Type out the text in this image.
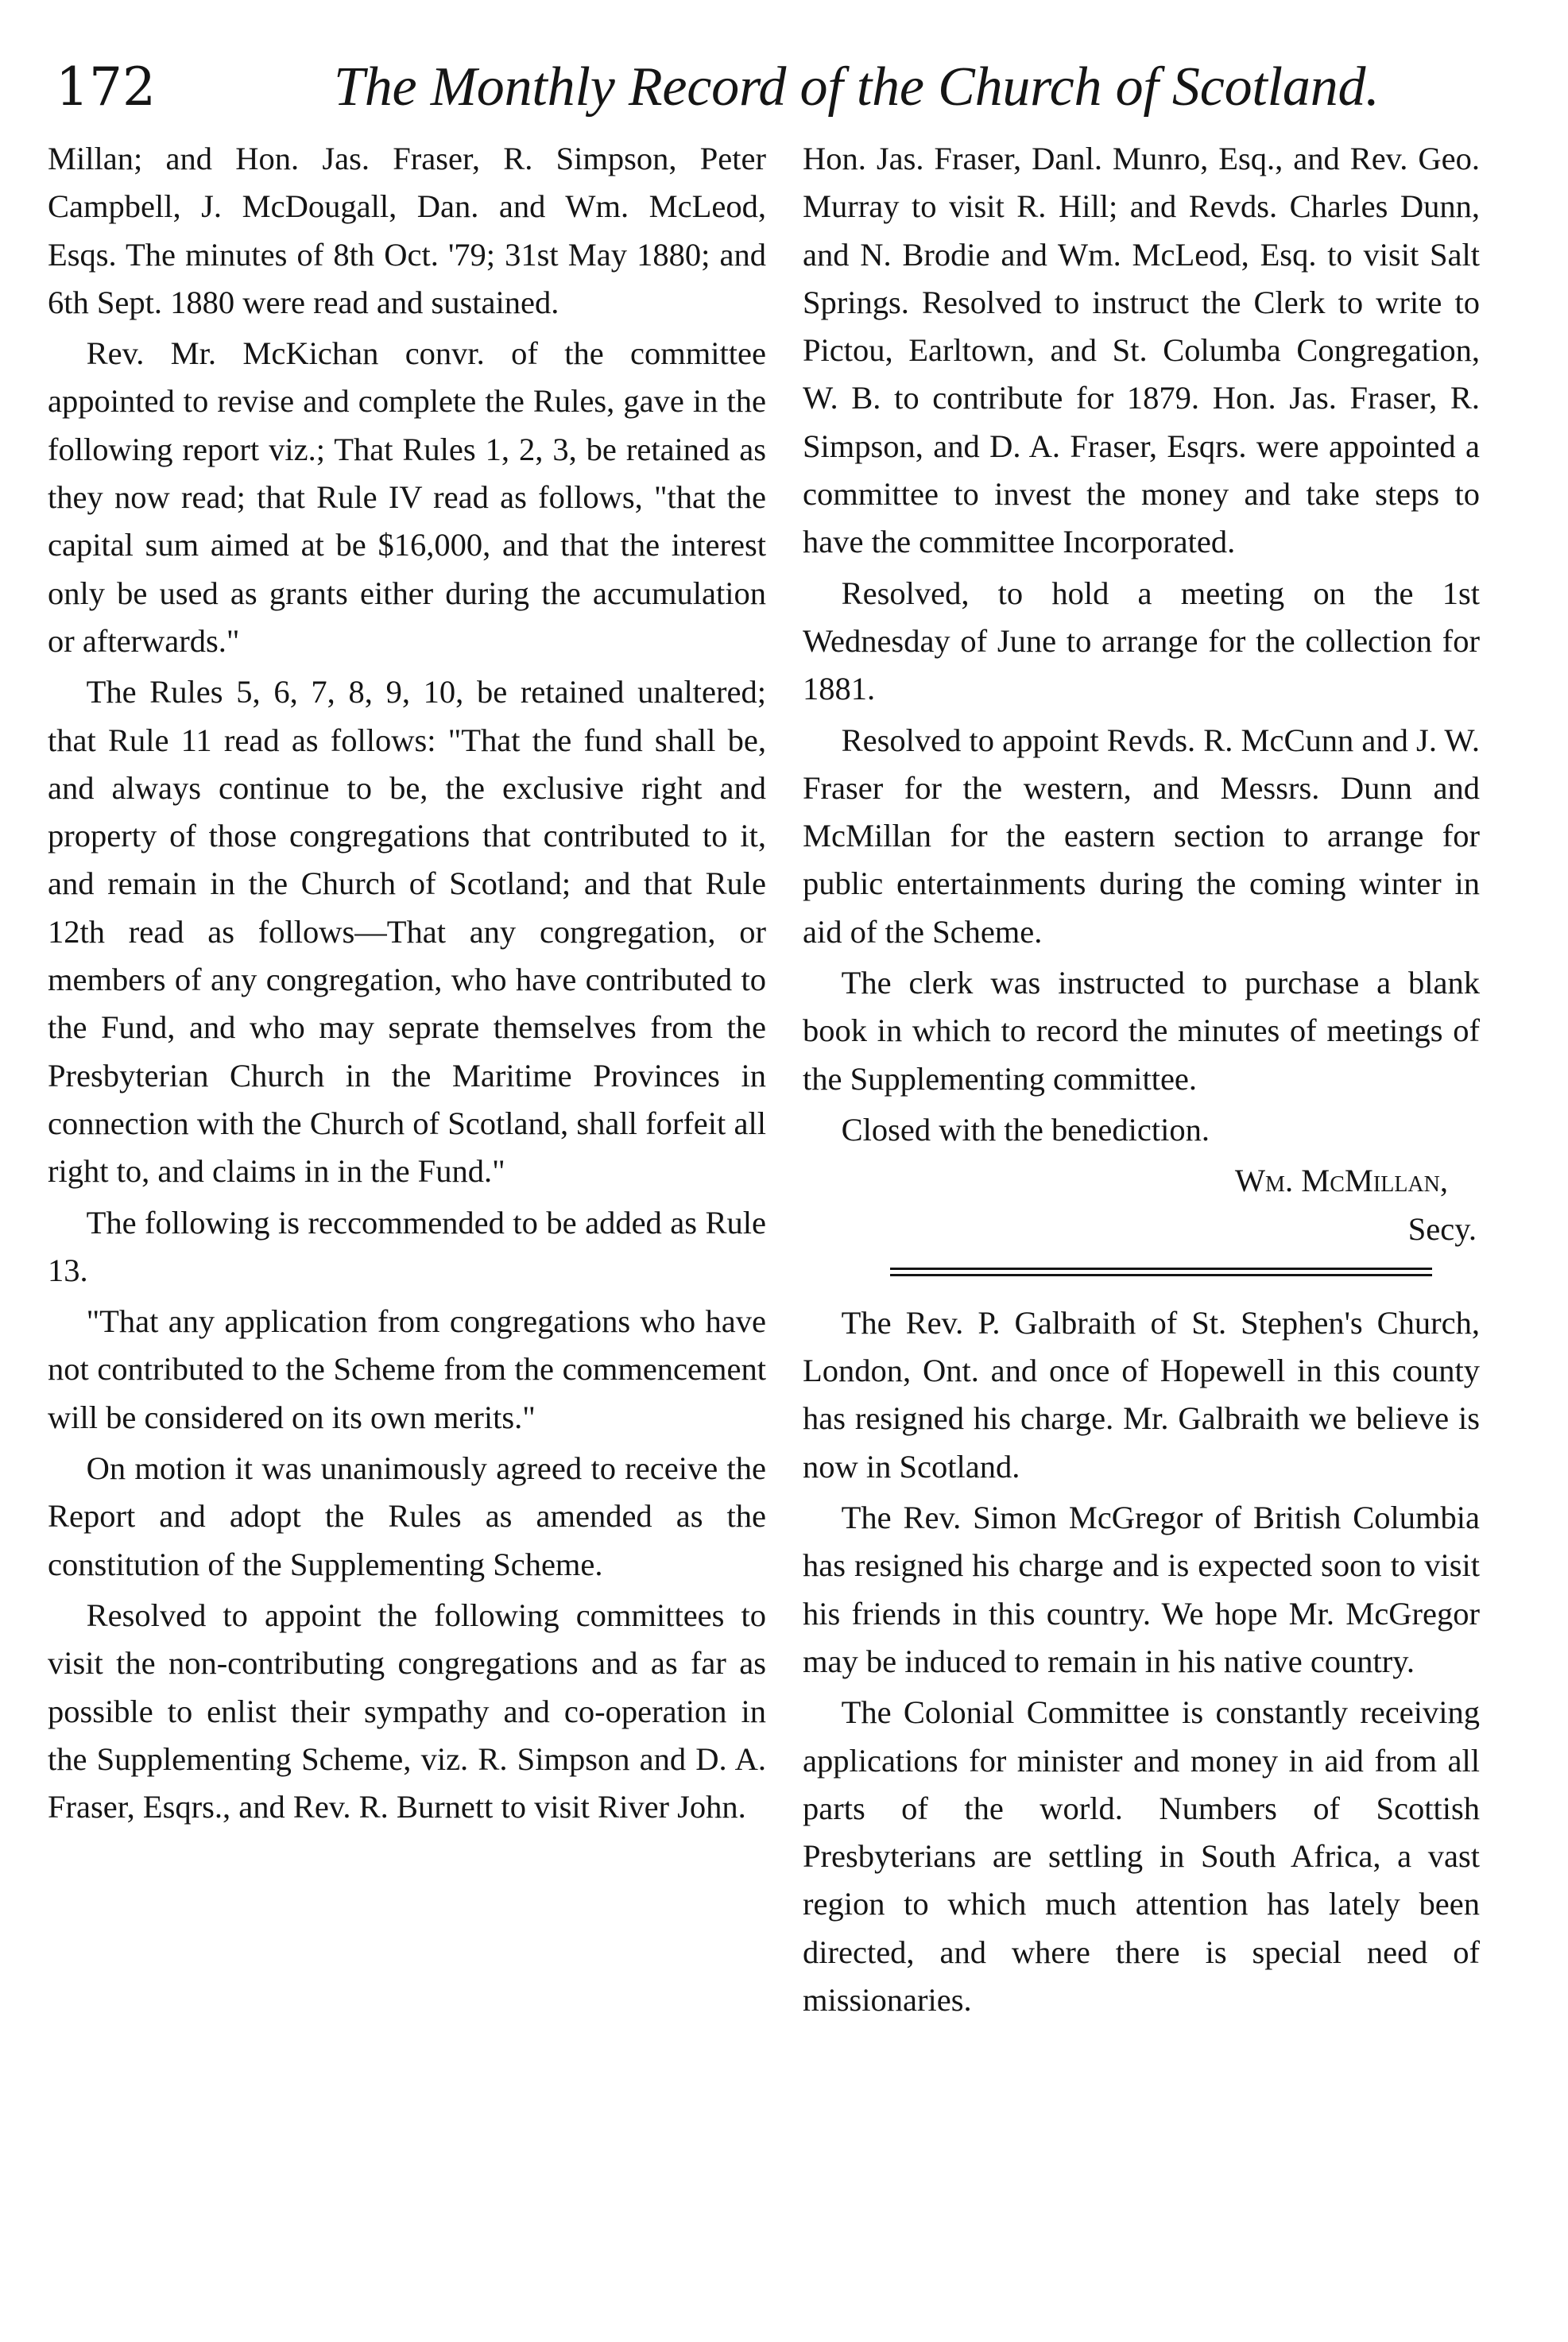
172	The Monthly Record of the Church of Scotland.

Millan; and Hon. Jas. Fraser, R. Simpson, Peter Campbell, J. McDougall, Dan. and Wm. McLeod, Esqs. The minutes of 8th Oct. '79; 31st May 1880; and 6th Sept. 1880 were read and sustained.

Rev. Mr. McKichan convr. of the committee appointed to revise and complete the Rules, gave in the following report viz.; That Rules 1, 2, 3, be retained as they now read; that Rule IV read as follows, "that the capital sum aimed at be $16,000, and that the interest only be used as grants either during the accumulation or afterwards."

The Rules 5, 6, 7, 8, 9, 10, be retained unaltered; that Rule 11 read as follows: "That the fund shall be, and always continue to be, the exclusive right and property of those congregations that contributed to it, and remain in the Church of Scotland; and that Rule 12th read as follows—That any congregation, or members of any congregation, who have contributed to the Fund, and who may seprate themselves from the Presbyterian Church in the Maritime Provinces in connection with the Church of Scotland, shall forfeit all right to, and claims in in the Fund."

The following is reccommended to be added as Rule 13.

"That any application from congregations who have not contributed to the Scheme from the commencement will be considered on its own merits."

On motion it was unanimously agreed to receive the Report and adopt the Rules as amended as the constitution of the Supplementing Scheme.

Resolved to appoint the following committees to visit the non-contributing congregations and as far as possible to enlist their sympathy and co-operation in the Supplementing Scheme, viz. R. Simpson and D. A. Fraser, Esqrs., and Rev. R. Burnett to visit River John.

Hon. Jas. Fraser, Danl. Munro, Esq., and Rev. Geo. Murray to visit R. Hill; and Revds. Charles Dunn, and N. Brodie and Wm. McLeod, Esq. to visit Salt Springs. Resolved to instruct the Clerk to write to Pictou, Earltown, and St. Columba Congregation, W. B. to contribute for 1879. Hon. Jas. Fraser, R. Simpson, and D. A. Fraser, Esqrs. were appointed a committee to invest the money and take steps to have the committee Incorporated.

Resolved, to hold a meeting on the 1st Wednesday of June to arrange for the collection for 1881.

Resolved to appoint Revds. R. McCunn and J. W. Fraser for the western, and Messrs. Dunn and McMillan for the eastern section to arrange for public entertainments during the coming winter in aid of the Scheme.

The clerk was instructed to purchase a blank book in which to record the minutes of meetings of the Supplementing committee.

Closed with the benediction.

Wm. McMillan,

Secy.

The Rev. P. Galbraith of St. Stephen's Church, London, Ont. and once of Hopewell in this county has resigned his charge. Mr. Galbraith we believe is now in Scotland.

The Rev. Simon McGregor of British Columbia has resigned his charge and is expected soon to visit his friends in this country. We hope Mr. McGregor may be induced to remain in his native country.

The Colonial Committee is constantly receiving applications for minister and money in aid from all parts of the world. Numbers of Scottish Presbyterians are settling in South Africa, a vast region to which much attention has lately been directed, and where there is special need of missionaries.
